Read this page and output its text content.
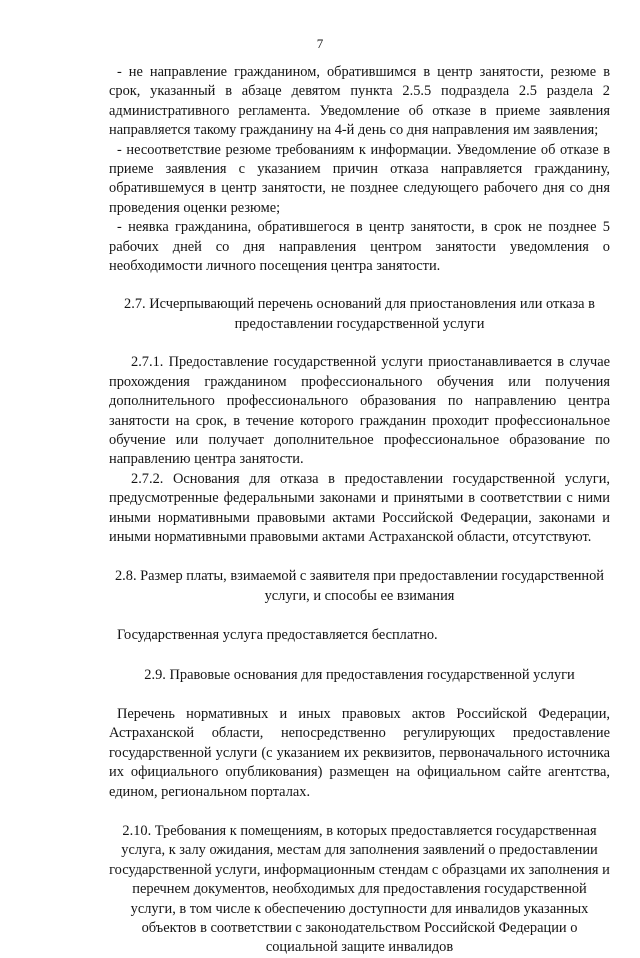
7

- не направление гражданином, обратившимся в центр занятости, резюме в срок, указанный в абзаце девятом пункта 2.5.5 подраздела 2.5 раздела 2 административного регламента. Уведомление об отказе в приеме заявления направляется такому гражданину на 4-й день со дня направления им заявления;

- несоответствие резюме требованиям к информации. Уведомление об отказе в приеме заявления с указанием причин отказа направляется гражданину, обратившемуся в центр занятости, не позднее следующего рабочего дня со дня проведения оценки резюме;

- неявка гражданина, обратившегося в центр занятости, в срок не позднее 5 рабочих дней со дня направления центром занятости уведомления о необходимости личного посещения центра занятости.

2.7. Исчерпывающий перечень оснований для приостановления или отказа в предоставлении государственной услуги

2.7.1. Предоставление государственной услуги приостанавливается в случае прохождения гражданином профессионального обучения или получения дополнительного профессионального образования по направлению центра занятости на срок, в течение которого гражданин проходит профессиональное обучение или получает дополнительное профессиональное образование по направлению центра занятости.

2.7.2. Основания для отказа в предоставлении государственной услуги, предусмотренные федеральными законами и принятыми в соответствии с ними иными нормативными правовыми актами Российской Федерации, законами и иными нормативными правовыми актами Астраханской области, отсутствуют.

2.8. Размер платы, взимаемой с заявителя при предоставлении государственной услуги, и способы ее взимания

Государственная услуга предоставляется бесплатно.

2.9. Правовые основания для предоставления государственной услуги

Перечень нормативных и иных правовых актов Российской Федерации, Астраханской области, непосредственно регулирующих предоставление государственной услуги (с указанием их реквизитов, первоначального источника их официального опубликования) размещен на официальном сайте агентства, едином, региональном порталах.

2.10. Требования к помещениям, в которых предоставляется государственная услуга, к залу ожидания, местам для заполнения заявлений о предоставлении государственной услуги, информационным стендам с образцами их заполнения и перечнем документов, необходимых для предоставления государственной услуги, в том числе к обеспечению доступности для инвалидов указанных объектов в соответствии с законодательством Российской Федерации о социальной защите инвалидов
